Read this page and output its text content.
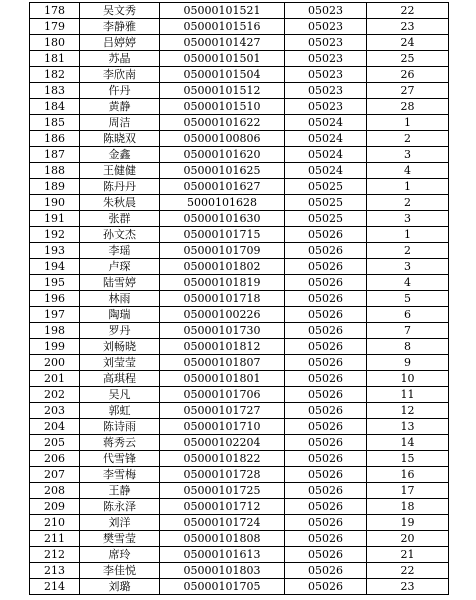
178	吴文秀	05000101521	05023	22
179	李静雅	05000101516	05023	23
180	吕婷婷	05000101427	05023	24
181	苏晶	05000101501	05023	25
182	李欣南	05000101504	05023	26
183	仵丹	05000101512	05023	27
184	黄静	05000101510	05023	28
185	周洁	05000101622	05024	1
186	陈晓双	05000100806	05024	2
187	金鑫	05000101620	05024	3
188	王健健	05000101625	05024	4
189	陈丹丹	05000101627	05025	1
190	朱秋晨	5000101628	05025	2
191	张群	05000101630	05025	3
192	孙文杰	05000101715	05026	1
193	李瑶	05000101709	05026	2
194	卢琛	05000101802	05026	3
195	陆雪婷	05000101819	05026	4
196	林雨	05000101718	05026	5
197	陶瑞	05000100226	05026	6
198	罗丹	05000101730	05026	7
199	刘畅晓	05000101812	05026	8
200	刘莹莹	05000101807	05026	9
201	高琪程	05000101801	05026	10
202	吴凡	05000101706	05026	11
203	郭虹	05000101727	05026	12
204	陈诗雨	05000101710	05026	13
205	蒋秀云	05000102204	05026	14
206	代雪锋	05000101822	05026	15
207	李雪梅	05000101728	05026	16
208	王静	05000101725	05026	17
209	陈永泽	05000101712	05026	18
210	刘洋	05000101724	05026	19
211	樊雪莹	05000101808	05026	20
212	席玲	05000101613	05026	21
213	李佳悦	05000101803	05026	22
214	刘璐	05000101705	05026	23
